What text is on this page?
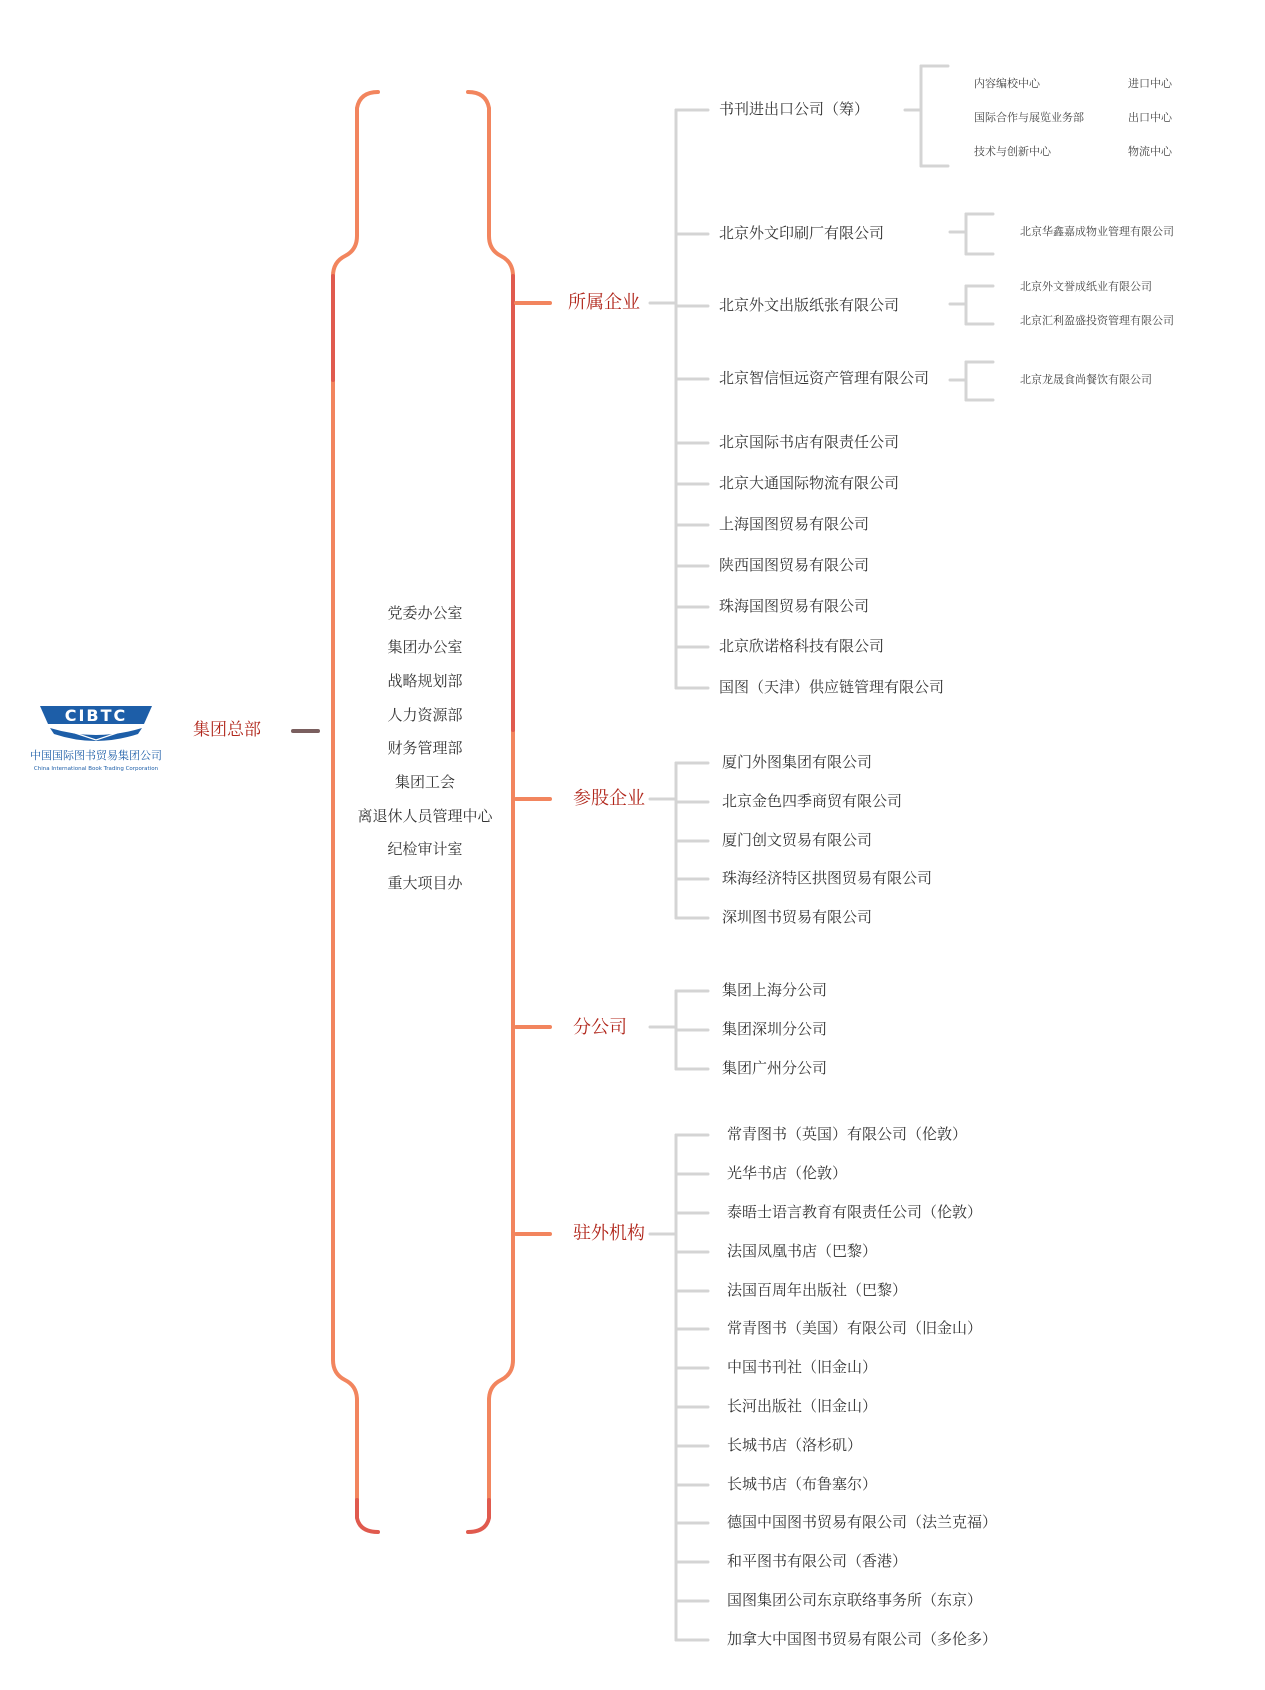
CIBTC
中国国际图书贸易集团公司
China International Book Trading Corporation
集团总部
党委办公室
集团办公室
战略规划部
人力资源部
财务管理部
集团工会
离退休人员管理中心
纪检审计室
重大项目办
所属企业
参股企业
分公司
驻外机构
书刊进出口公司（筹）
北京外文印刷厂有限公司
北京外文出版纸张有限公司
北京智信恒远资产管理有限公司
北京国际书店有限责任公司
北京大通国际物流有限公司
上海国图贸易有限公司
陕西国图贸易有限公司
珠海国图贸易有限公司
北京欣诺格科技有限公司
国图（天津）供应链管理有限公司
内容编校中心	进口中心
国际合作与展览业务部	出口中心
技术与创新中心	物流中心
北京华鑫嘉成物业管理有限公司
北京外文誉成纸业有限公司
北京汇利盈盛投资管理有限公司
北京龙晟食尚餐饮有限公司
厦门外图集团有限公司
北京金色四季商贸有限公司
厦门创文贸易有限公司
珠海经济特区拱图贸易有限公司
深圳图书贸易有限公司
集团上海分公司
集团深圳分公司
集团广州分公司
常青图书（英国）有限公司（伦敦）
光华书店（伦敦）
泰晤士语言教育有限责任公司（伦敦）
法国凤凰书店（巴黎）
法国百周年出版社（巴黎）
常青图书（美国）有限公司（旧金山）
中国书刊社（旧金山）
长河出版社（旧金山）
长城书店（洛杉矶）
长城书店（布鲁塞尔）
德国中国图书贸易有限公司（法兰克福）
和平图书有限公司（香港）
国图集团公司东京联络事务所（东京）
加拿大中国图书贸易有限公司（多伦多）
